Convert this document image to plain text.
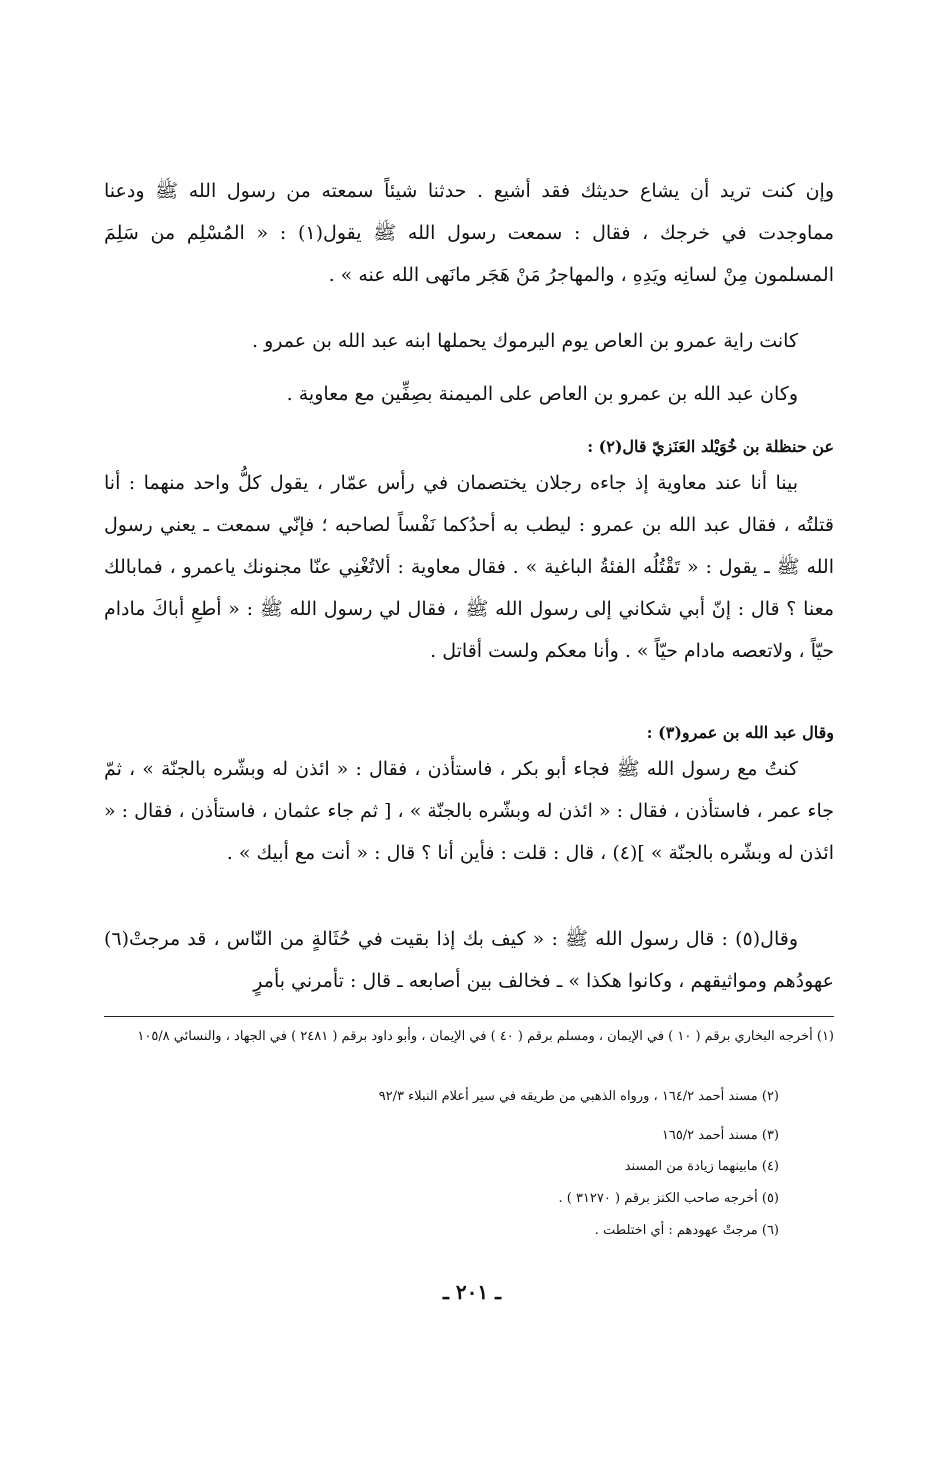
وإن كنت تريد أن يشاع حديثك فقد أشيع . حدثنا شيئاً سمعته من رسول الله ﷺ ودعنا مماوجدت في خرجك ، فقال : سمعت رسول الله ﷺ يقول(١) : « المُسْلِم من سَلِمَ المسلمون مِنْ لسانِه ويَدِهِ ، والمهاجرُ مَنْ هَجَر مانَهى الله عنه » .

كانت راية عمرو بن العاص يوم اليرموك يحملها ابنه عبد الله بن عمرو .

وكان عبد الله بن عمرو بن العاص على الميمنة بصِفِّين مع معاوية .

عن حنظلة بن خُوَيْلد العَنَزيّ قال(٢) :

بينا أنا عند معاوية إذ جاءه رجلان يختصمان في رأس عمّار ، يقول كلُّ واحد منهما : أنا قتلتُه ، فقال عبد الله بن عمرو : ليطب به أحدُكما نَفْساً لصاحبه ؛ فإنّي سمعت ـ يعني رسول الله ﷺ ـ يقول : « تَقْتُلُه الفئةُ الباغية » . فقال معاوية : ألاتُغْنِي عنّا مجنونك ياعمرو ، فمابالك معنا ؟ قال : إنّ أبي شكاني إلى رسول الله ﷺ ، فقال لي رسول الله ﷺ : « أطعِ أباكَ مادام حيّاً ، ولاتعصه مادام حيّاً » . وأنا معكم ولست أقاتل .

وقال عبد الله بن عمرو(٣) :

كنتُ مع رسول الله ﷺ فجاء أبو بكر ، فاستأذن ، فقال : « ائذن له وبشّره بالجنّة » ، ثمّ جاء عمر ، فاستأذن ، فقال : « ائذن له وبشّره بالجنّة » ، [ ثم جاء عثمان ، فاستأذن ، فقال : « ائذن له وبشّره بالجنّة » ](٤) ، قال : قلت : فأين أنا ؟ قال : « أنت مع أبيك » .

وقال(٥) : قال رسول الله ﷺ : « كيف بك إذا بقيت في حُثَالةٍ من النّاس ، قد مرجتْ(٦) عهودُهم ومواثيقهم ، وكانوا هكذا » ـ فخالف بين أصابعه ـ قال : تأمرني بأمرٍ

(١) أخرجه البخاري برقم ( ١٠ ) في الإيمان ، ومسلم برقم ( ٤٠ ) في الإيمان ، وأبو داود برقم ( ٢٤٨١ ) في الجهاد ، والنسائي ١٠٥/٨
(٢) مسند أحمد ١٦٤/٢ ، ورواه الذهبي من طريقه في سير أعلام النبلاء ٩٢/٣
(٣) مسند أحمد ١٦٥/٢
(٤) مابينهما زيادة من المسند
(٥) أخرجه صاحب الكنز برقم ( ٣١٢٧٠ ) .
(٦) مرجتْ عهودهم : أي اختلطت .
ـ ٢٠١ ـ
